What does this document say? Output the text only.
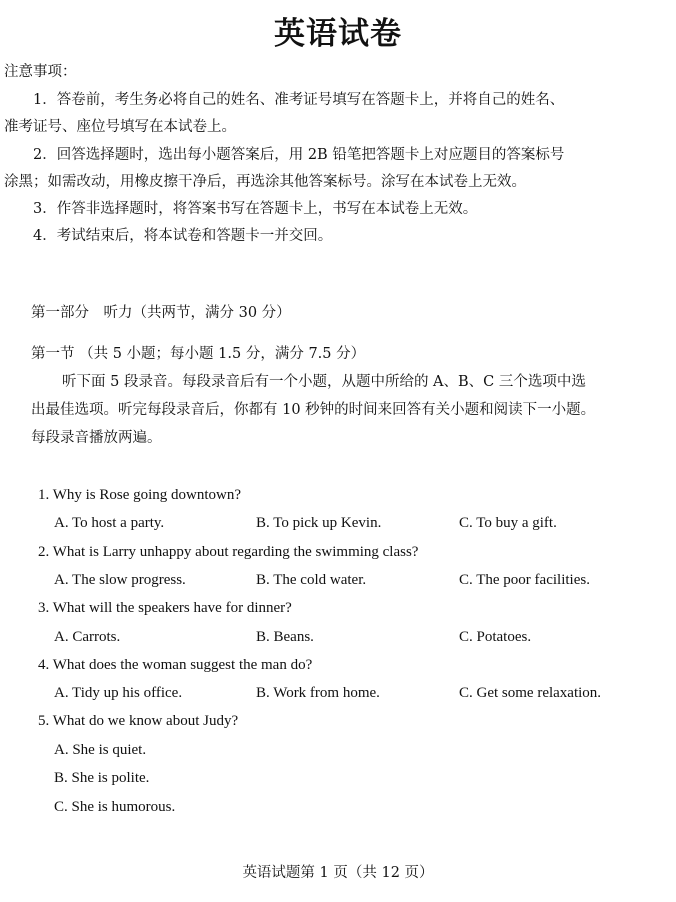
英语试卷
注意事项：
1．答卷前，考生务必将自己的姓名、准考证号填写在答题卡上，并将自己的姓名、
准考证号、座位号填写在本试卷上。
2．回答选择题时，选出每小题答案后，用 2B 铅笔把答题卡上对应题目的答案标号
涂黑；如需改动，用橡皮擦干净后，再选涂其他答案标号。涂写在本试卷上无效。
3．作答非选择题时，将答案书写在答题卡上，书写在本试卷上无效。
4．考试结束后，将本试卷和答题卡一并交回。
第一部分　听力（共两节，满分 30 分）
第一节 （共 5 小题；每小题 1.5 分，满分 7.5 分）
听下面 5 段录音。每段录音后有一个小题，从题中所给的 A、B、C 三个选项中选
出最佳选项。听完每段录音后，你都有 10 秒钟的时间来回答有关小题和阅读下一小题。
每段录音播放两遍。
1. Why is Rose going downtown?
A. To host a party.	B. To pick up Kevin.	C. To buy a gift.
2. What is Larry unhappy about regarding the swimming class?
A. The slow progress.	B. The cold water.	C. The poor facilities.
3. What will the speakers have for dinner?
A. Carrots.	B. Beans.	C. Potatoes.
4. What does the woman suggest the man do?
A. Tidy up his office.	B. Work from home.	C. Get some relaxation.
5. What do we know about Judy?
A. She is quiet.
B. She is polite.
C. She is humorous.
英语试题第 1 页（共 12 页）
